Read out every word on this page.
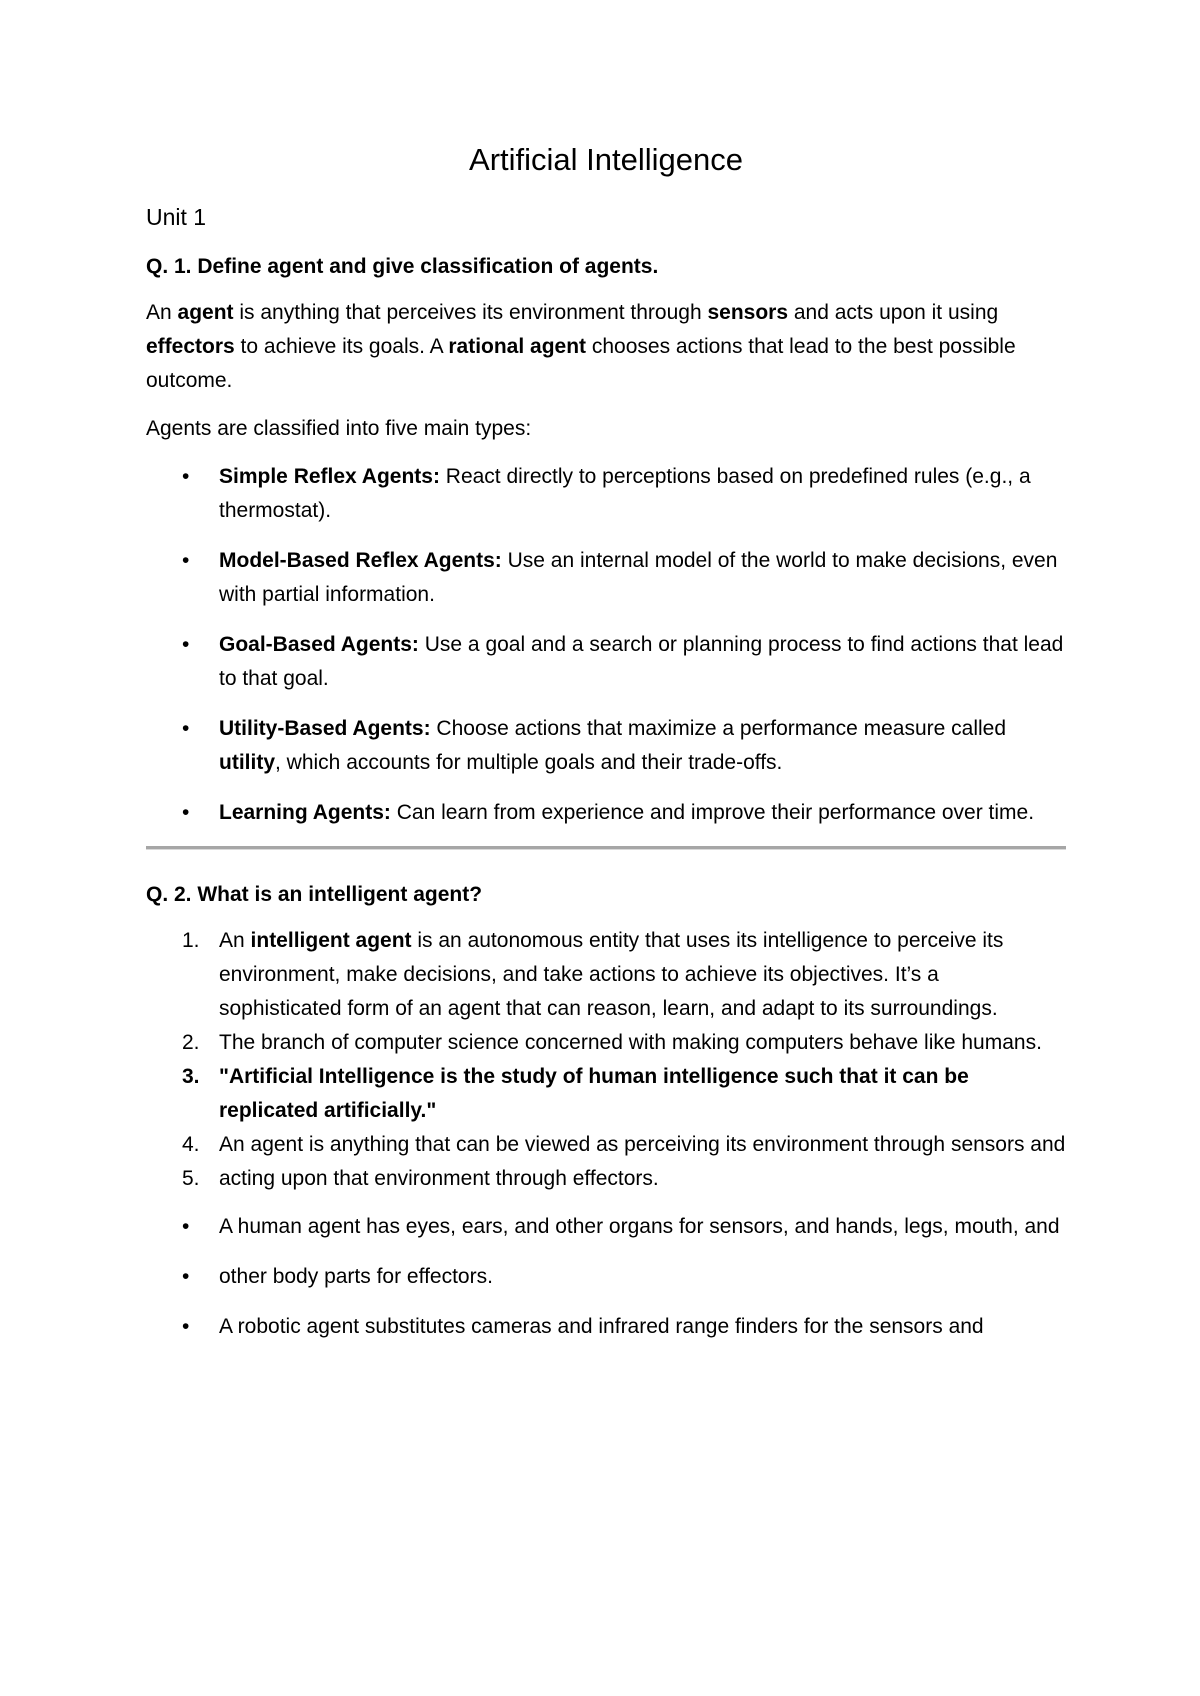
Artificial Intelligence
Unit 1
Q. 1. Define agent and give classification of agents.

An agent is anything that perceives its environment through sensors and acts upon it using effectors to achieve its goals. A rational agent chooses actions that lead to the best possible outcome.

Agents are classified into five main types:

•	Simple Reflex Agents: React directly to perceptions based on predefined rules (e.g., a thermostat).
•	Model-Based Reflex Agents: Use an internal model of the world to make decisions, even with partial information.
•	Goal-Based Agents: Use a goal and a search or planning process to find actions that lead to that goal.
•	Utility-Based Agents: Choose actions that maximize a performance measure called utility, which accounts for multiple goals and their trade-offs.
•	Learning Agents: Can learn from experience and improve their performance over time.
Q. 2. What is an intelligent agent?
1. An intelligent agent is an autonomous entity that uses its intelligence to perceive its environment, make decisions, and take actions to achieve its objectives. It’s a sophisticated form of an agent that can reason, learn, and adapt to its surroundings.
2. The branch of computer science concerned with making computers behave like humans.
3. "Artificial Intelligence is the study of human intelligence such that it can be replicated artificially."
4. An agent is anything that can be viewed as perceiving its environment through sensors and
5. acting upon that environment through effectors.
•	A human agent has eyes, ears, and other organs for sensors, and hands, legs, mouth, and
•	other body parts for effectors.
•	A robotic agent substitutes cameras and infrared range finders for the sensors and
